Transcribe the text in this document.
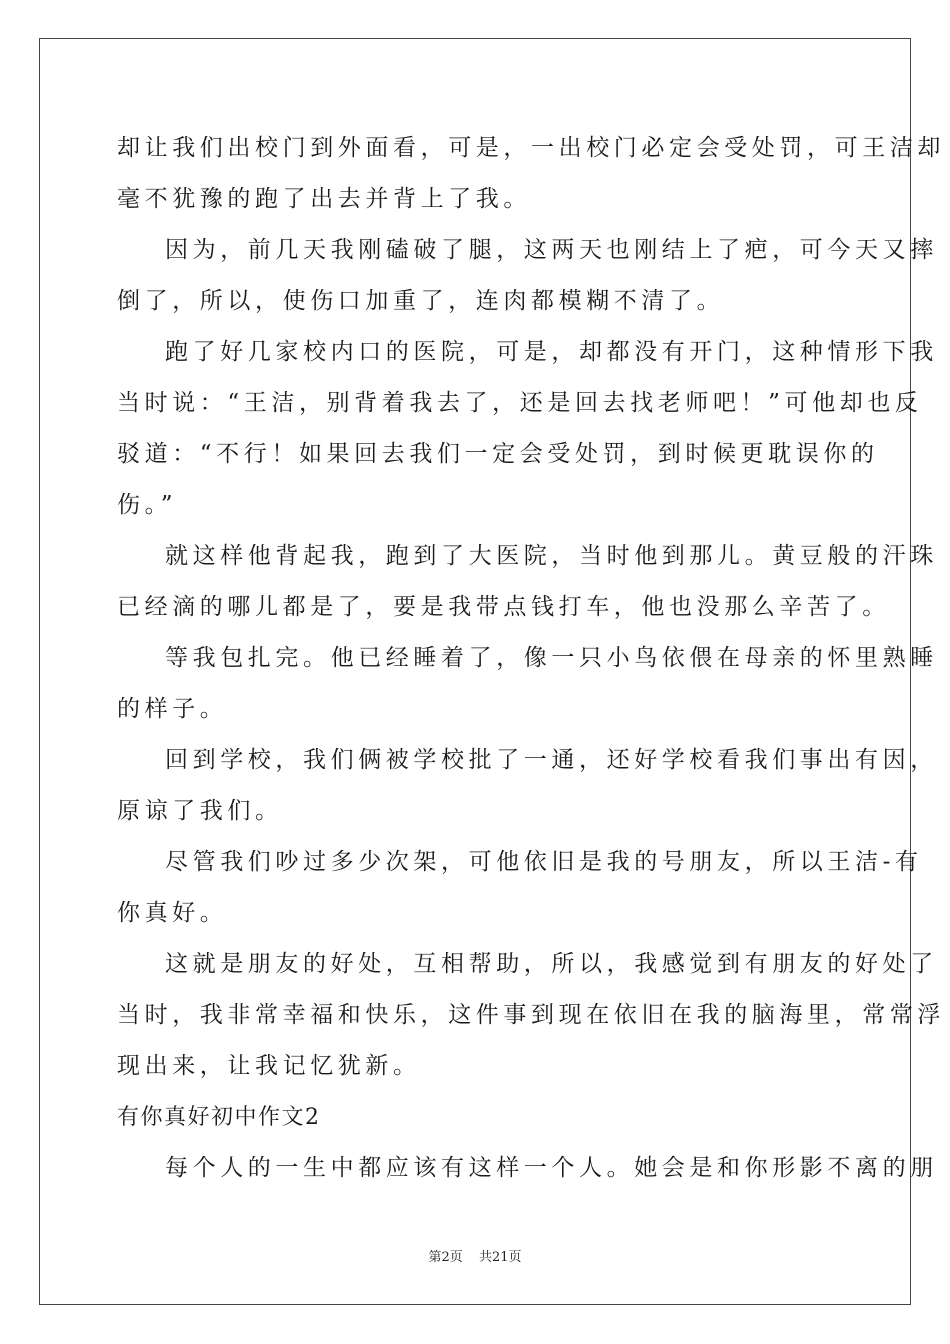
却让我们出校门到外面看，可是，一出校门必定会受处罚，可王洁却
毫不犹豫的跑了出去并背上了我。
因为，前几天我刚磕破了腿，这两天也刚结上了疤，可今天又摔
倒了，所以，使伤口加重了，连肉都模糊不清了。
跑了好几家校内口的医院，可是，却都没有开门，这种情形下我
当时说：“王洁，别背着我去了，还是回去找老师吧！”可他却也反
驳道：“不行！如果回去我们一定会受处罚，到时候更耽误你的
伤。”
就这样他背起我，跑到了大医院，当时他到那儿。黄豆般的汗珠
已经滴的哪儿都是了，要是我带点钱打车，他也没那么辛苦了。
等我包扎完。他已经睡着了，像一只小鸟依偎在母亲的怀里熟睡
的样子。
回到学校，我们俩被学校批了一通，还好学校看我们事出有因，
原谅了我们。
尽管我们吵过多少次架，可他依旧是我的号朋友，所以王洁-有
你真好。
这就是朋友的好处，互相帮助，所以，我感觉到有朋友的好处了
当时，我非常幸福和快乐，这件事到现在依旧在我的脑海里，常常浮
现出来，让我记忆犹新。
有你真好初中作文2
每个人的一生中都应该有这样一个人。她会是和你形影不离的朋
第2页 共21页
